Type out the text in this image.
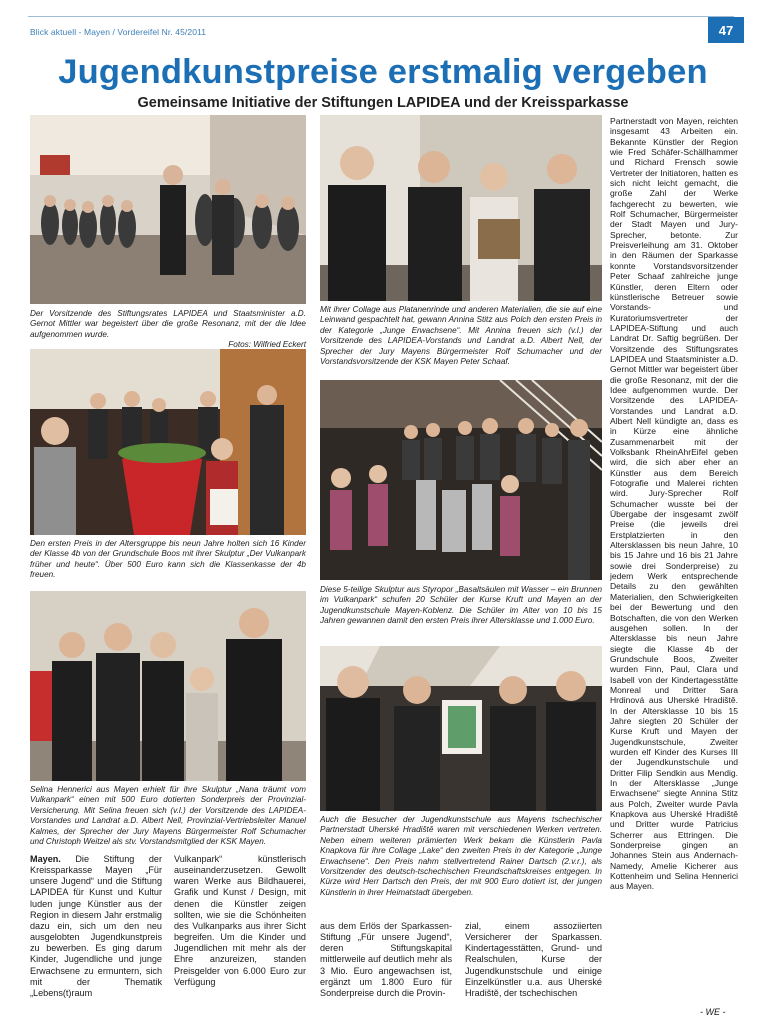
Blick aktuell - Mayen / Vordereifel Nr. 45/2011	47
Jugendkunstpreise erstmalig vergeben
Gemeinsame Initiative der Stiftungen LAPIDEA und der Kreissparkasse
Der Vorsitzende des Stiftungsrates LAPIDEA und Staatsminister a.D. Gernot Mittler war begeistert über die große Resonanz, mit der die Idee aufgenommen wurde.
Fotos: Wilfried Eckert
Mit ihrer Collage aus Platanenrinde und anderen Materialien, die sie auf eine Leinwand gespachtelt hat, gewann Annina Stitz aus Polch den ersten Preis in der Kategorie „Junge Erwachsene“. Mit Annina freuen sich (v.l.) der Vorsitzende des LAPIDEA-Vorstands und Landrat a.D. Albert Nell, der Sprecher der Jury Mayens Bürgermeister Rolf Schumacher und der Vorstandsvorsitzende der KSK Mayen Peter Schaaf.
Den ersten Preis in der Altersgruppe bis neun Jahre holten sich 16 Kinder der Klasse 4b von der Grundschule Boos mit ihrer Skulptur „Der Vulkanpark früher und heute“. Über 500 Euro kann sich die Klassenkasse der 4b freuen.
Diese 5-teilige Skulptur aus Styropor „Basaltsäulen mit Wasser – ein Brunnen im Vulkanpark“ schufen 20 Schüler der Kurse Kruft und Mayen an der Jugendkunstschule Mayen-Koblenz. Die Schüler im Alter von 10 bis 15 Jahren gewannen damit den ersten Preis ihrer Altersklasse und 1.000 Euro.
Selina Hennerici aus Mayen erhielt für ihre Skulptur „Nana träumt vom Vulkanpark“ einen mit 500 Euro dotierten Sonderpreis der Provinzial-Versicherung. Mit Selina freuen sich (v.l.) der Vorsitzende des LAPIDEA-Vorstandes und Landrat a.D. Albert Nell, Provinzial-Vertriebsleiter Manuel Kalmes, der Sprecher der Jury Mayens Bürgermeister Rolf Schumacher und Christoph Weitzel als stv. Vorstandsmitglied der KSK Mayen.
Auch die Besucher der Jugendkunstschule aus Mayens tschechischer Partnerstadt Uherské Hradiště waren mit verschiedenen Werken vertreten. Neben einem weiteren prämierten Werk bekam die Künstlerin Pavla Knapkova für ihre Collage „Lake“ den zweiten Preis in der Kategorie „Junge Erwachsene“. Den Preis nahm stellvertretend Rainer Dartsch (2.v.r.), als Vorsitzender des deutsch-tschechischen Freundschaftskreises entgegen. In Kürze wird Herr Dartsch den Preis, der mit 900 Euro dotiert ist, der jungen Künstlerin in ihrer Heimatstadt übergeben.
Mayen. Die Stiftung der Kreissparkasse Mayen „Für unsere Jugend“ und die Stiftung LAPIDEA für Kunst und Kultur luden junge Künstler aus der Region in diesem Jahr erstmalig dazu ein, sich um den neu ausgelobten Jugendkunstpreis zu bewerben. Es ging darum Kinder, Jugendliche und junge Erwachsene zu ermuntern, sich mit der Thematik „Lebens(t)raum
Vulkanpark“ künstlerisch auseinanderzusetzen. Gewollt waren Werke aus Bildhauerei, Grafik und Kunst / Design, mit denen die Künstler zeigen sollten, wie sie die Schönheiten des Vulkanparks aus ihrer Sicht begreifen. Um die Kinder und Jugendlichen mit mehr als der Ehre anzureizen, standen Preisgelder von 6.000 Euro zur Verfügung
aus dem Erlös der Sparkassen-Stiftung „Für unsere Jugend“, deren Stiftungskapital mittlerweile auf deutlich mehr als 3 Mio. Euro angewachsen ist, ergänzt um 1.800 Euro für Sonderpreise durch die Provin-
zial, einem assoziierten Versicherer der Sparkassen. Kindertagesstätten, Grund- und Realschulen, Kurse der Jugendkunstschule und einige Einzelkünstler u.a. aus Uherské Hradiště, der tschechischen
Partnerstadt von Mayen, reichten insgesamt 43 Arbeiten ein. Bekannte Künstler der Region wie Fred Schäfer-Schällhammer und Richard Frensch sowie Vertreter der Initiatoren, hatten es sich nicht leicht gemacht, die große Zahl der Werke fachgerecht zu bewerten, wie Rolf Schumacher, Bürgermeister der Stadt Mayen und Jury-Sprecher, betonte. Zur Preisverleihung am 31. Oktober in den Räumen der Sparkasse konnte Vorstandsvorsitzender Peter Schaaf zahlreiche junge Künstler, deren Eltern oder künstlerische Betreuer sowie Vorstands- und Kuratoriumsvertreter der LAPIDEA-Stiftung und auch Landrat Dr. Saftig begrüßen. Der Vorsitzende des Stiftungsrates LAPIDEA und Staatsminister a.D. Gernot Mittler war begeistert über die große Resonanz, mit der die Idee aufgenommen wurde. Der Vorsitzende des LAPIDEA-Vorstandes und Landrat a.D. Albert Nell kündigte an, dass es in Kürze eine ähnliche Zusammenarbeit mit der Volksbank RheinAhrEifel geben wird, die sich aber eher an Künstler aus dem Bereich Fotografie und Malerei richten wird. Jury-Sprecher Rolf Schumacher wusste bei der Übergabe der insgesamt zwölf Preise (die jeweils drei Erstplatzierten in den Altersklassen bis neun Jahre, 10 bis 15 Jahre und 16 bis 21 Jahre sowie drei Sonderpreise) zu jedem Werk entsprechende Details zu den gewählten Materialien, den Schwierigkeiten bei der Bewertung und den Botschaften, die von den Werken ausgehen sollen. In der Altersklasse bis neun Jahre siegte die Klasse 4b der Grundschule Boos, Zweiter wurden Finn, Paul, Clara und Isabell von der Kindertagesstätte Monreal und Dritter Sara Hrdinová aus Uherské Hradiště. In der Altersklasse 10 bis 15 Jahre siegten 20 Schüler der Kurse Kruft und Mayen der Jugendkunstschule, Zweiter wurden elf Kinder des Kurses III der Jugendkunstschule und Dritter Filip Sendkin aus Mendig. In der Altersklasse „Junge Erwachsene“ siegte Annina Stitz aus Polch, Zweiter wurde Pavla Knapkova aus Uherské Hradiště und Dritter wurde Patricius Scherrer aus Ettringen. Die Sonderpreise gingen an Johannes Stein aus Andernach-Namedy, Amelie Kicherer aus Kottenheim und Selina Hennerici aus Mayen.
- WE -
